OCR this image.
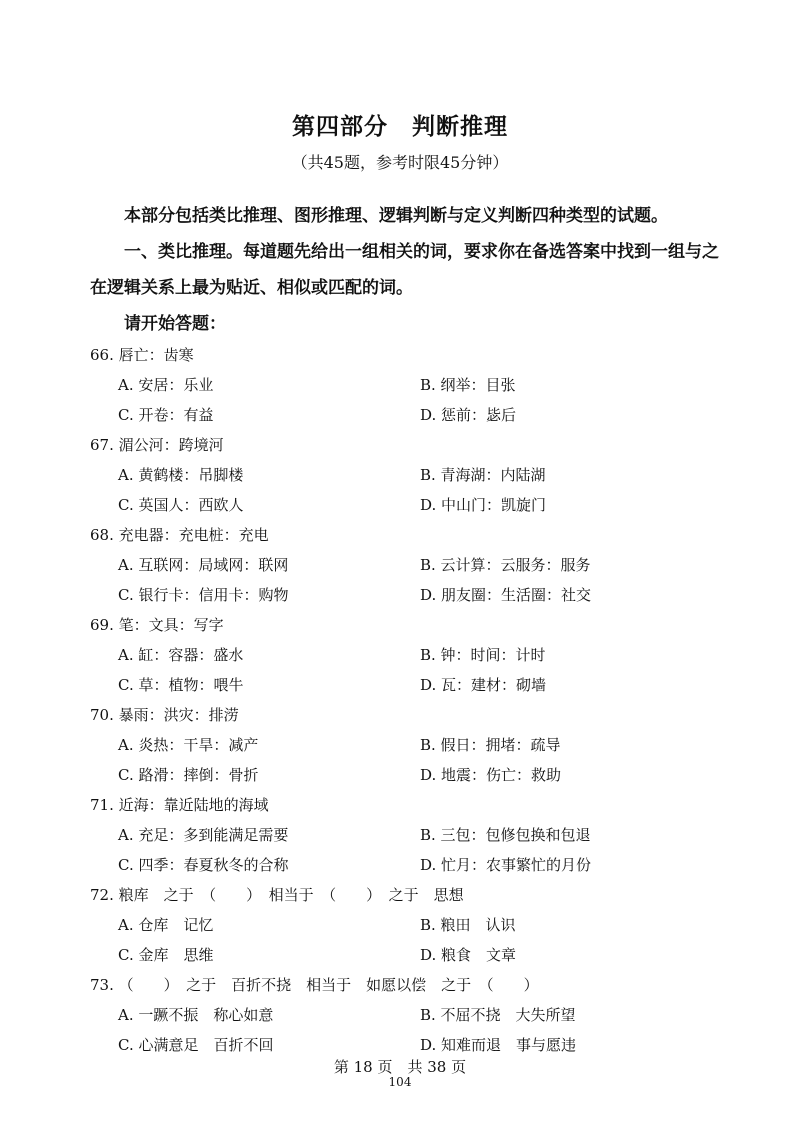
第四部分　判断推理
（共45题，参考时限45分钟）
本部分包括类比推理、图形推理、逻辑判断与定义判断四种类型的试题。
一、类比推理。每道题先给出一组相关的词，要求你在备选答案中找到一组与之在逻辑关系上最为贴近、相似或匹配的词。
请开始答题：
66. 唇亡：齿寒
A. 安居：乐业	B. 纲举：目张
C. 开卷：有益	D. 惩前：毖后
67. 湄公河：跨境河
A. 黄鹤楼：吊脚楼	B. 青海湖：内陆湖
C. 英国人：西欧人	D. 中山门：凯旋门
68. 充电器：充电桩：充电
A. 互联网：局域网：联网	B. 云计算：云服务：服务
C. 银行卡：信用卡：购物	D. 朋友圈：生活圈：社交
69. 笔：文具：写字
A. 缸：容器：盛水	B. 钟：时间：计时
C. 草：植物：喂牛	D. 瓦：建材：砌墙
70. 暴雨：洪灾：排涝
A. 炎热：干旱：减产	B. 假日：拥堵：疏导
C. 路滑：摔倒：骨折	D. 地震：伤亡：救助
71. 近海：靠近陆地的海域
A. 充足：多到能满足需要	B. 三包：包修包换和包退
C. 四季：春夏秋冬的合称	D. 忙月：农事繁忙的月份
72. 粮库　之于　（　　）　相当于　（　　）　之于　思想
A. 仓库　记忆	B. 粮田　认识
C. 金库　思维	D. 粮食　文章
73. （　　）　之于　百折不挠　相当于　如愿以偿　之于　（　　）
A. 一蹶不振　称心如意	B. 不屈不挠　大失所望
C. 心满意足　百折不回	D. 知难而退　事与愿违
第 18 页　共 38 页
104
